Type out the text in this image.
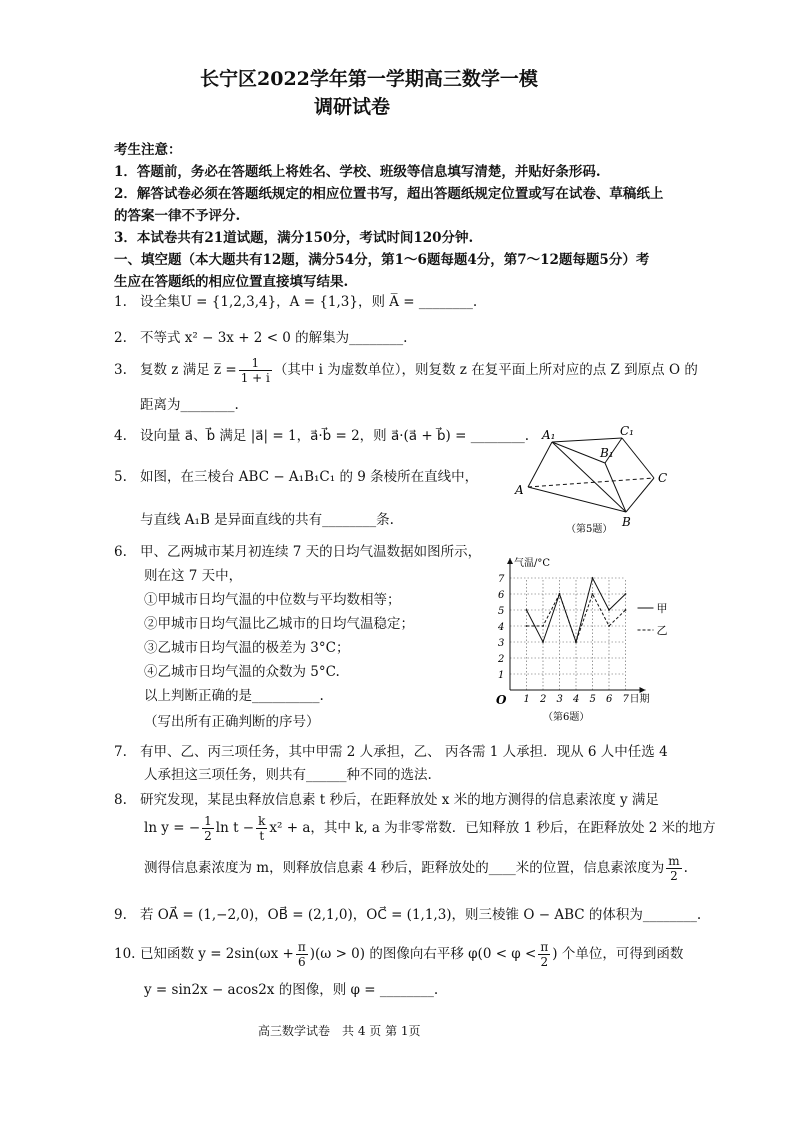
长宁区2022学年第一学期高三数学一模
调研试卷
考生注意：
1．答题前，务必在答题纸上将姓名、学校、班级等信息填写清楚，并贴好条形码.
2．解答试卷必须在答题纸规定的相应位置书写，超出答题纸规定位置或写在试卷、草稿纸上
的答案一律不予评分.
3．本试卷共有21道试题，满分150分，考试时间120分钟.
一、填空题（本大题共有12题，满分54分，第1～6题每题4分，第7～12题每题5分）考
生应在答题纸的相应位置直接填写结果.
1. 设全集U = {1,2,3,4}，A = {1,3}，则 A̅ = ________.
2. 不等式 x² − 3x + 2 < 0 的解集为________.
3. 复数 z 满足 z̅ = $\frac{1}{1 + i}$ （其中 i 为虚数单位），则复数 z 在复平面上所对应的点 Z 到原点 O 的
距离为________.
4. 设向量 a⃗、b⃗ 满足 |a⃗| = 1，a⃗·b⃗ = 2，则 a⃗·(a⃗ + b⃗) = ________.
5. 如图，在三棱台 ABC − A₁B₁C₁ 的 9 条棱所在直线中，
与直线 A₁B 是异面直线的共有________条.
A₁	C₁
B₁
A
B
C
（第5题）
6. 甲、乙两城市某月初连续 7 天的日均气温数据如图所示，
则在这 7 天中，
①甲城市日均气温的中位数与平均数相等；
②甲城市日均气温比乙城市的日均气温稳定；
③乙城市日均气温的极差为 3°C；
④乙城市日均气温的众数为 5°C.
以上判断正确的是__________.
（写出所有正确判断的序号）
1 2 3 4 5 6 7
1
2
3
4
5
6
7
O
气温/°C
日期
甲
乙
（第6题）
7. 有甲、乙、丙三项任务，其中甲需 2 人承担，乙、 丙各需 1 人承担．现从 6 人中任选 4
人承担这三项任务，则共有______种不同的选法.
8. 研究发现，某昆虫释放信息素 t 秒后，在距释放处 x 米的地方测得的信息素浓度 y 满足
ln y = − $\frac{1}{2}$ $\ln t - \frac{k}{t} x^2 + a$，其中 k, a 为非零常数．已知释放 1 秒后，在距释放处 2 米的地方
测得信息素浓度为 m，则释放信息素 4 秒后，距释放处的____米的位置，信息素浓度为 $\frac{m}{2}$ .
9. 若 OA⃗ = (1,−2,0)，OB⃗ = (2,1,0)，OC⃗ = (1,1,3)，则三棱锥 O − ABC 的体积为________.
10. 已知函数 $y = 2\sin(\omega x + \frac{\pi}{6} )(\omega > 0)$ 的图像向右平移 $\varphi(0 < \varphi < \frac{\pi}{2}$ ) 个单位，可得到函数
y = sin2x − acos2x 的图像，则 φ = ________.
高三数学试卷　共 4 页 第 1页
